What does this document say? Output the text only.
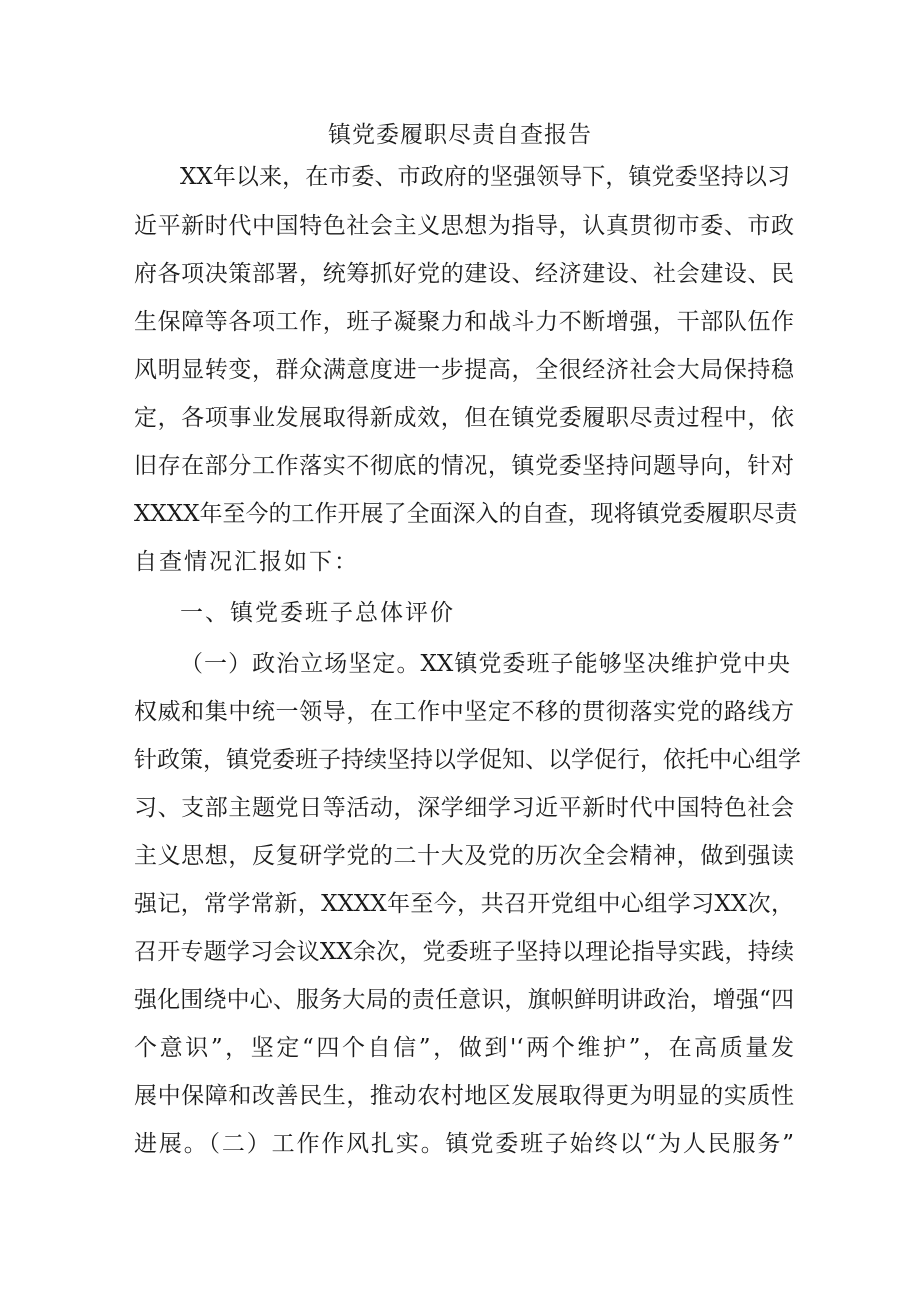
镇党委履职尽责自查报告
XX年以来，在市委、市政府的坚强领导下，镇党委坚持以习
近平新时代中国特色社会主义思想为指导，认真贯彻市委、市政
府各项决策部署，统筹抓好党的建设、经济建设、社会建设、民
生保障等各项工作，班子凝聚力和战斗力不断增强，干部队伍作
风明显转变，群众满意度进一步提高，全很经济社会大局保持稳
定，各项事业发展取得新成效，但在镇党委履职尽责过程中，依
旧存在部分工作落实不彻底的情况，镇党委坚持问题导向，针对
XXXX年至今的工作开展了全面深入的自查，现将镇党委履职尽责
自查情况汇报如下：
一、镇党委班子总体评价
（一）政治立场坚定。XX镇党委班子能够坚决维护党中央
权威和集中统一领导，在工作中坚定不移的贯彻落实党的路线方
针政策，镇党委班子持续坚持以学促知、以学促行，依托中心组学
习、支部主题党日等活动，深学细学习近平新时代中国特色社会
主义思想，反复研学党的二十大及党的历次全会精神，做到强读
强记，常学常新，XXXX年至今，共召开党组中心组学习XX次，
召开专题学习会议XX余次，党委班子坚持以理论指导实践，持续
强化围绕中心、服务大局的责任意识，旗帜鲜明讲政治，增强“四
个意识”，坚定“四个自信”，做到'‘两个维护”，在高质量发
展中保障和改善民生，推动农村地区发展取得更为明显的实质性
进展。（二）工作作风扎实。镇党委班子始终以“为人民服务”
